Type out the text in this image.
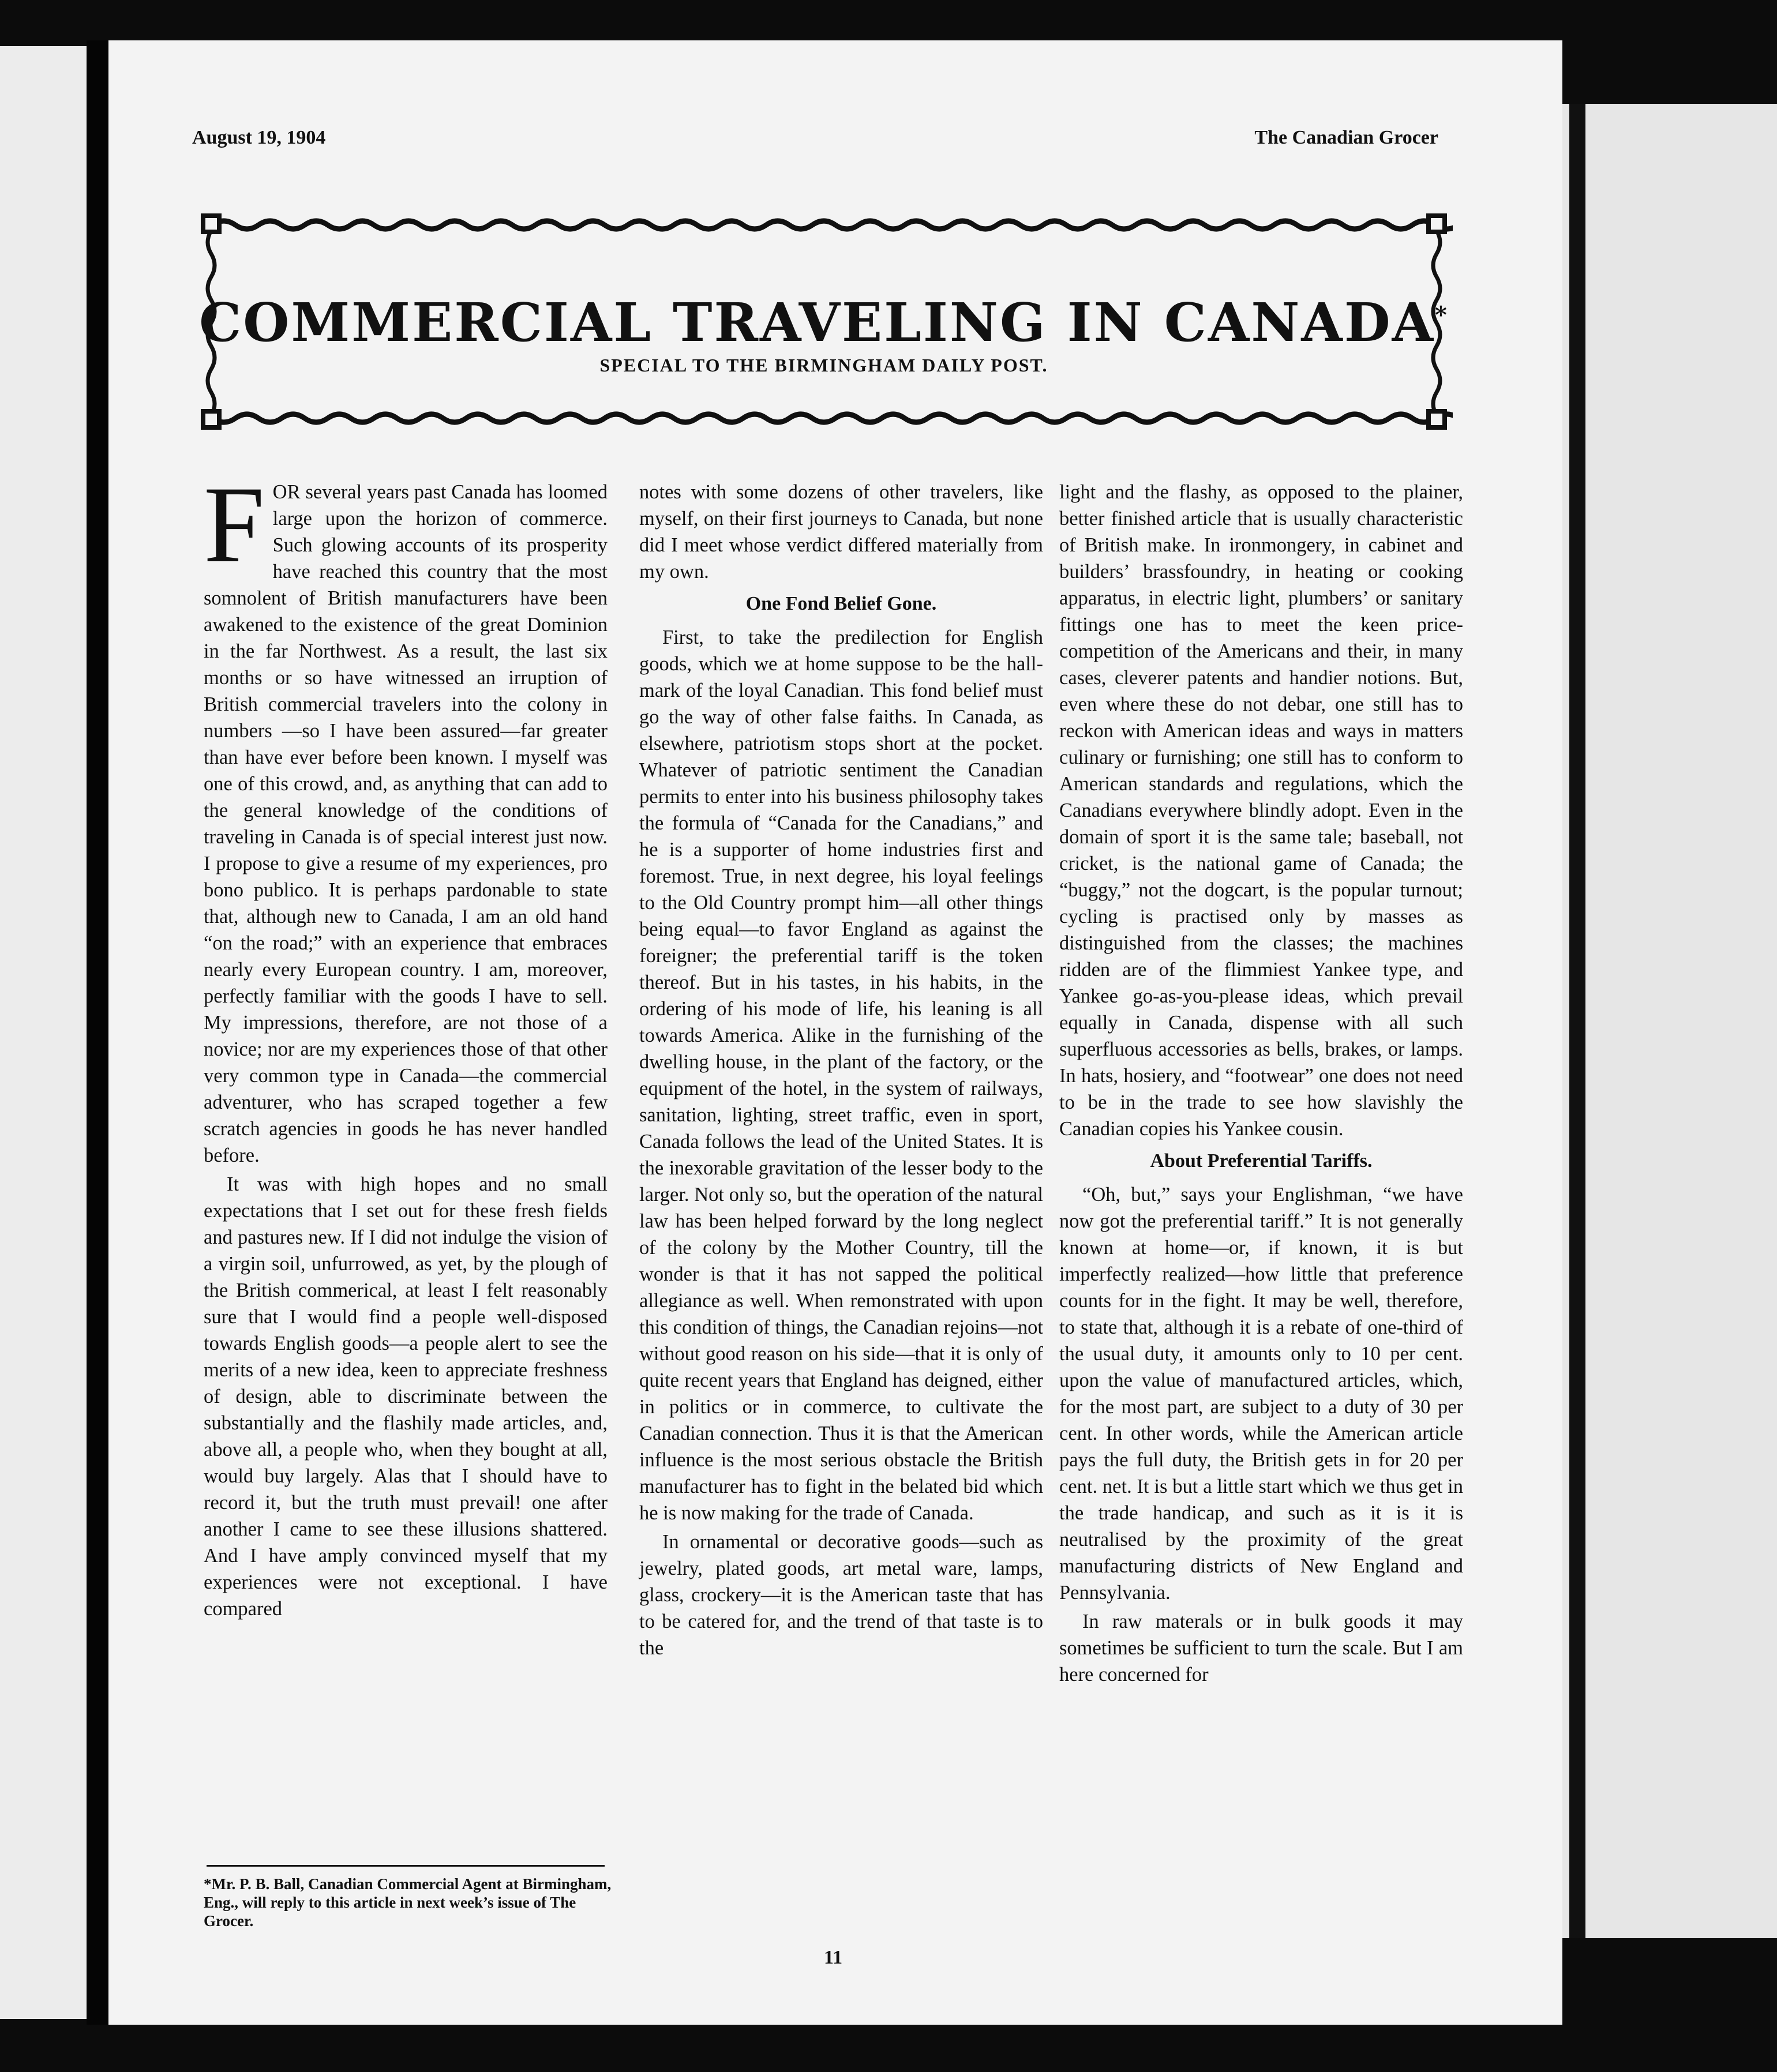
August 19, 1904	The Canadian Grocer
COMMERCIAL TRAVELING IN CANADA*
SPECIAL TO THE BIRMINGHAM DAILY POST.
F OR several years past Canada has loomed large upon the horizon of commerce. Such glowing accounts of its prosperity have reached this country that the most somnolent of British manufacturers have been awakened to the existence of the great Dominion in the far Northwest. As a result, the last six months or so have witnessed an irruption of British commercial travelers into the colony in numbers —so I have been assured—far greater than have ever before been known. I myself was one of this crowd, and, as anything that can add to the general knowledge of the conditions of traveling in Canada is of special interest just now. I propose to give a resume of my experiences, pro bono publico. It is perhaps pardonable to state that, although new to Canada, I am an old hand “on the road;” with an experience that embraces nearly every European country. I am, moreover, perfectly familiar with the goods I have to sell. My impressions, therefore, are not those of a novice; nor are my experiences those of that other very common type in Canada—the commercial adventurer, who has scraped together a few scratch agencies in goods he has never handled before.

It was with high hopes and no small expectations that I set out for these fresh fields and pastures new. If I did not indulge the vision of a virgin soil, unfurrowed, as yet, by the plough of the British commerical, at least I felt reasonably sure that I would find a people well-disposed towards English goods—a people alert to see the merits of a new idea, keen to appreciate freshness of design, able to discriminate between the substantially and the flashily made articles, and, above all, a people who, when they bought at all, would buy largely. Alas that I should have to record it, but the truth must prevail! one after another I came to see these illusions shattered. And I have amply convinced myself that my experiences were not exceptional. I have compared

notes with some dozens of other travelers, like myself, on their first journeys to Canada, but none did I meet whose verdict differed materially from my own.

One Fond Belief Gone.

First, to take the predilection for English goods, which we at home suppose to be the hall-mark of the loyal Canadian. This fond belief must go the way of other false faiths. In Canada, as elsewhere, patriotism stops short at the pocket. Whatever of patriotic sentiment the Canadian permits to enter into his business philosophy takes the formula of “Canada for the Canadians,” and he is a supporter of home industries first and foremost. True, in next degree, his loyal feelings to the Old Country prompt him—all other things being equal—to favor England as against the foreigner; the preferential tariff is the token thereof. But in his tastes, in his habits, in the ordering of his mode of life, his leaning is all towards America. Alike in the furnishing of the dwelling house, in the plant of the factory, or the equipment of the hotel, in the system of railways, sanitation, lighting, street traffic, even in sport, Canada follows the lead of the United States. It is the inexorable gravitation of the lesser body to the larger. Not only so, but the operation of the natural law has been helped forward by the long neglect of the colony by the Mother Country, till the wonder is that it has not sapped the political allegiance as well. When remonstrated with upon this condition of things, the Canadian rejoins—not without good reason on his side—that it is only of quite recent years that England has deigned, either in politics or in commerce, to cultivate the Canadian connection. Thus it is that the American influence is the most serious obstacle the British manufacturer has to fight in the belated bid which he is now making for the trade of Canada.

In ornamental or decorative goods—such as jewelry, plated goods, art metal ware, lamps, glass, crockery—it is the American taste that has to be catered for, and the trend of that taste is to the

light and the flashy, as opposed to the plainer, better finished article that is usually characteristic of British make. In ironmongery, in cabinet and builders’ brassfoundry, in heating or cooking apparatus, in electric light, plumbers’ or sanitary fittings one has to meet the keen price-competition of the Americans and their, in many cases, cleverer patents and handier notions. But, even where these do not debar, one still has to reckon with American ideas and ways in matters culinary or furnishing; one still has to conform to American standards and regulations, which the Canadians everywhere blindly adopt. Even in the domain of sport it is the same tale; baseball, not cricket, is the national game of Canada; the “buggy,” not the dogcart, is the popular turnout; cycling is practised only by masses as distinguished from the classes; the machines ridden are of the flimmiest Yankee type, and Yankee go-as-you-please ideas, which prevail equally in Canada, dispense with all such superfluous accessories as bells, brakes, or lamps. In hats, hosiery, and “footwear” one does not need to be in the trade to see how slavishly the Canadian copies his Yankee cousin.

About Preferential Tariffs.

“Oh, but,” says your Englishman, “we have now got the preferential tariff.” It is not generally known at home—or, if known, it is but imperfectly realized—how little that preference counts for in the fight. It may be well, therefore, to state that, although it is a rebate of one-third of the usual duty, it amounts only to 10 per cent. upon the value of manufactured articles, which, for the most part, are subject to a duty of 30 per cent. In other words, while the American article pays the full duty, the British gets in for 20 per cent. net. It is but a little start which we thus get in the trade handicap, and such as it is it is neutralised by the proximity of the great manufacturing districts of New England and Pennsylvania.

In raw materals or in bulk goods it may sometimes be sufficient to turn the scale. But I am here concerned for

*Mr. P. B. Ball, Canadian Commercial Agent at Birmingham, Eng., will reply to this article in next week’s issue of The Grocer.
11
